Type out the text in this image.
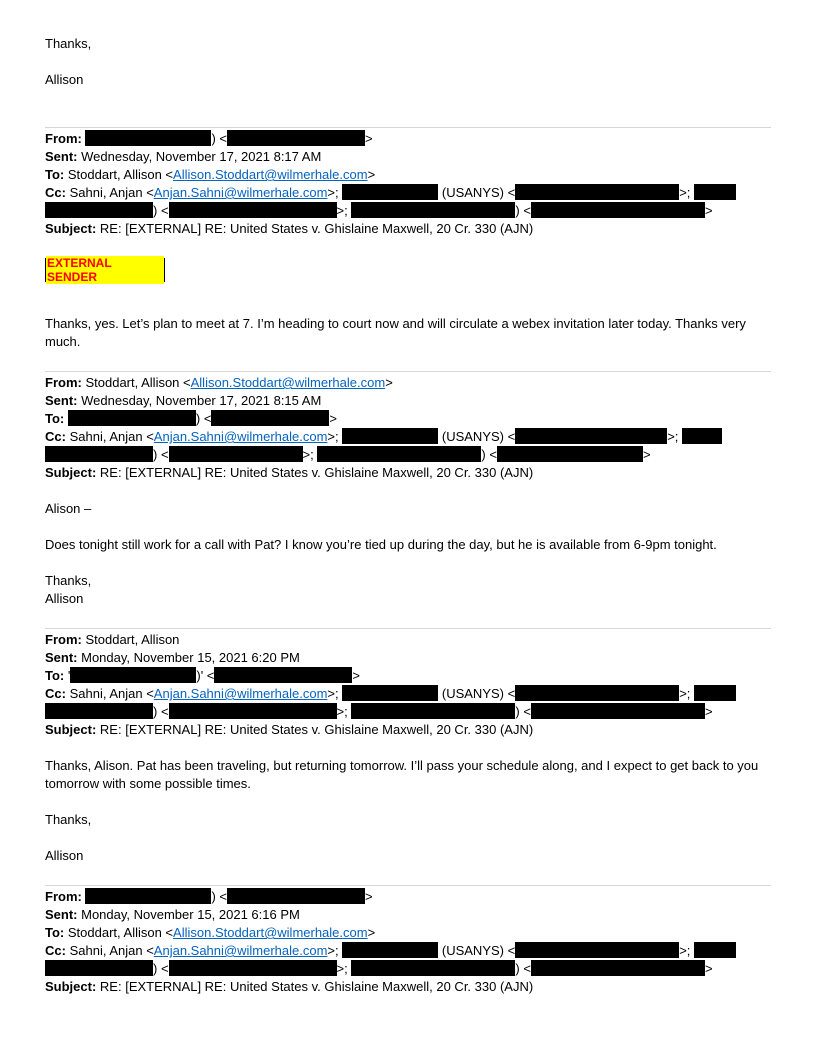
Thanks,
Allison
From:	) <	>
Sent: Wednesday, November 17, 2021 8:17 AM
To: Stoddart, Allison <Allison.Stoddart@wilmerhale.com>
Cc: Sahni, Anjan <Anjan.Sahni@wilmerhale.com>;	(USANYS) <	>;
) <	>;	) <	>
Subject: RE: [EXTERNAL] RE: United States v. Ghislaine Maxwell, 20 Cr. 330 (AJN)
EXTERNAL SENDER
Thanks, yes. Let’s plan to meet at 7. I’m heading to court now and will circulate a webex invitation later today. Thanks very much.
From: Stoddart, Allison <Allison.Stoddart@wilmerhale.com>
Sent: Wednesday, November 17, 2021 8:15 AM
To:	) <	>
Cc: Sahni, Anjan <Anjan.Sahni@wilmerhale.com>;	(USANYS) <	>;
) <	>;	) <	>
Subject: RE: [EXTERNAL] RE: United States v. Ghislaine Maxwell, 20 Cr. 330 (AJN)
Alison –
Does tonight still work for a call with Pat? I know you’re tied up during the day, but he is available from 6-9pm tonight.
Thanks,
Allison
From: Stoddart, Allison
Sent: Monday, November 15, 2021 6:20 PM
To: '	)' <	>
Cc: Sahni, Anjan <Anjan.Sahni@wilmerhale.com>;	(USANYS) <	>;
) <	>;	) <	>
Subject: RE: [EXTERNAL] RE: United States v. Ghislaine Maxwell, 20 Cr. 330 (AJN)
Thanks, Alison. Pat has been traveling, but returning tomorrow. I’ll pass your schedule along, and I expect to get back to you tomorrow with some possible times.
Thanks,
Allison
From:	) <	>
Sent: Monday, November 15, 2021 6:16 PM
To: Stoddart, Allison <Allison.Stoddart@wilmerhale.com>
Cc: Sahni, Anjan <Anjan.Sahni@wilmerhale.com>;	(USANYS) <	>;
) <	>;	) <	>
Subject: RE: [EXTERNAL] RE: United States v. Ghislaine Maxwell, 20 Cr. 330 (AJN)
